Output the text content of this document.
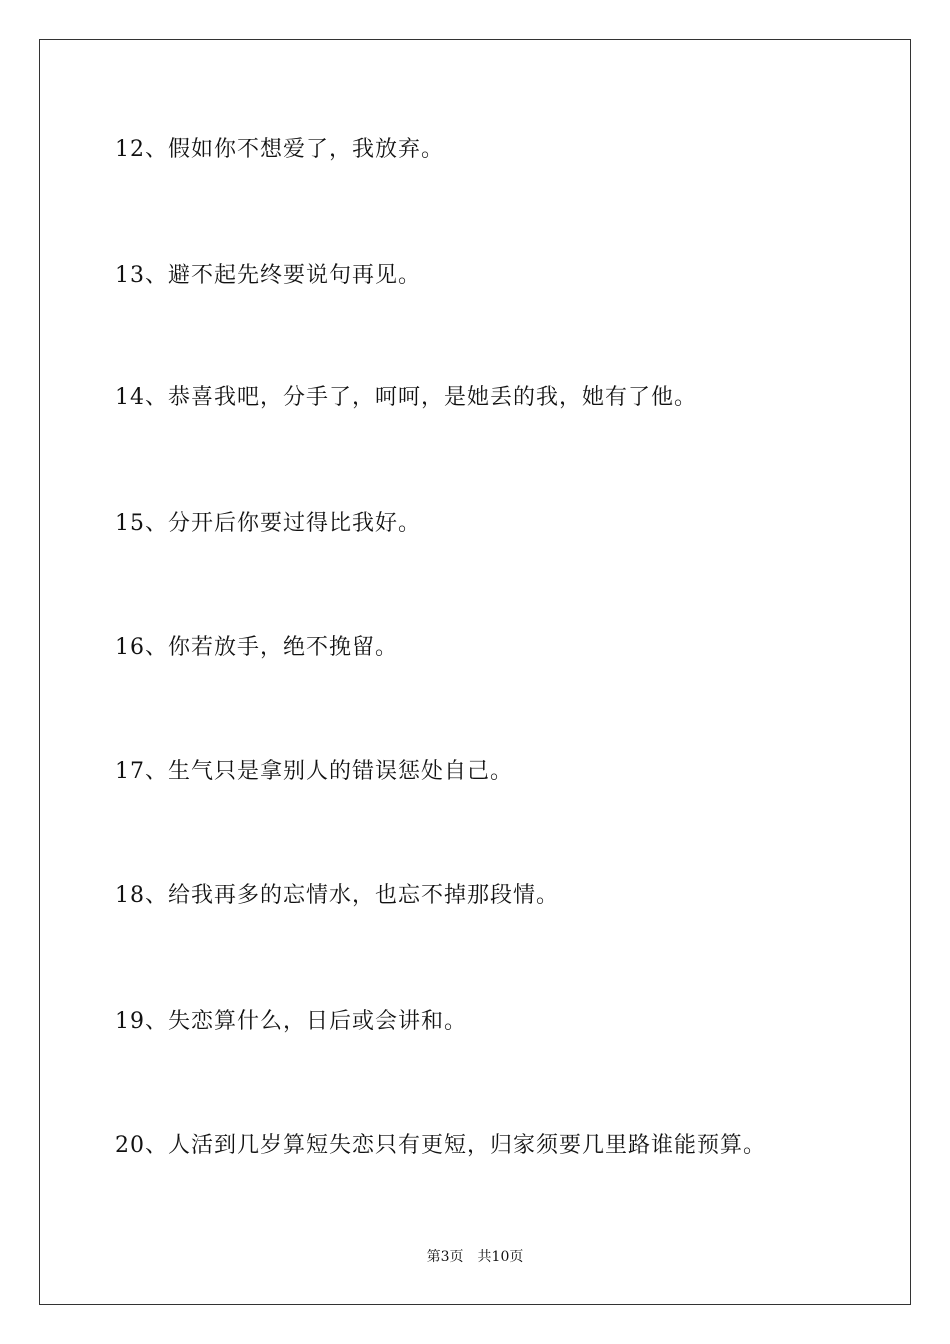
12、假如你不想爱了，我放弃。
13、避不起先终要说句再见。
14、恭喜我吧，分手了，呵呵，是她丢的我，她有了他。
15、分开后你要过得比我好。
16、你若放手，绝不挽留。
17、生气只是拿别人的错误惩处自己。
18、给我再多的忘情水，也忘不掉那段情。
19、失恋算什么，日后或会讲和。
20、人活到几岁算短失恋只有更短，归家须要几里路谁能预算。
第3页 共10页
